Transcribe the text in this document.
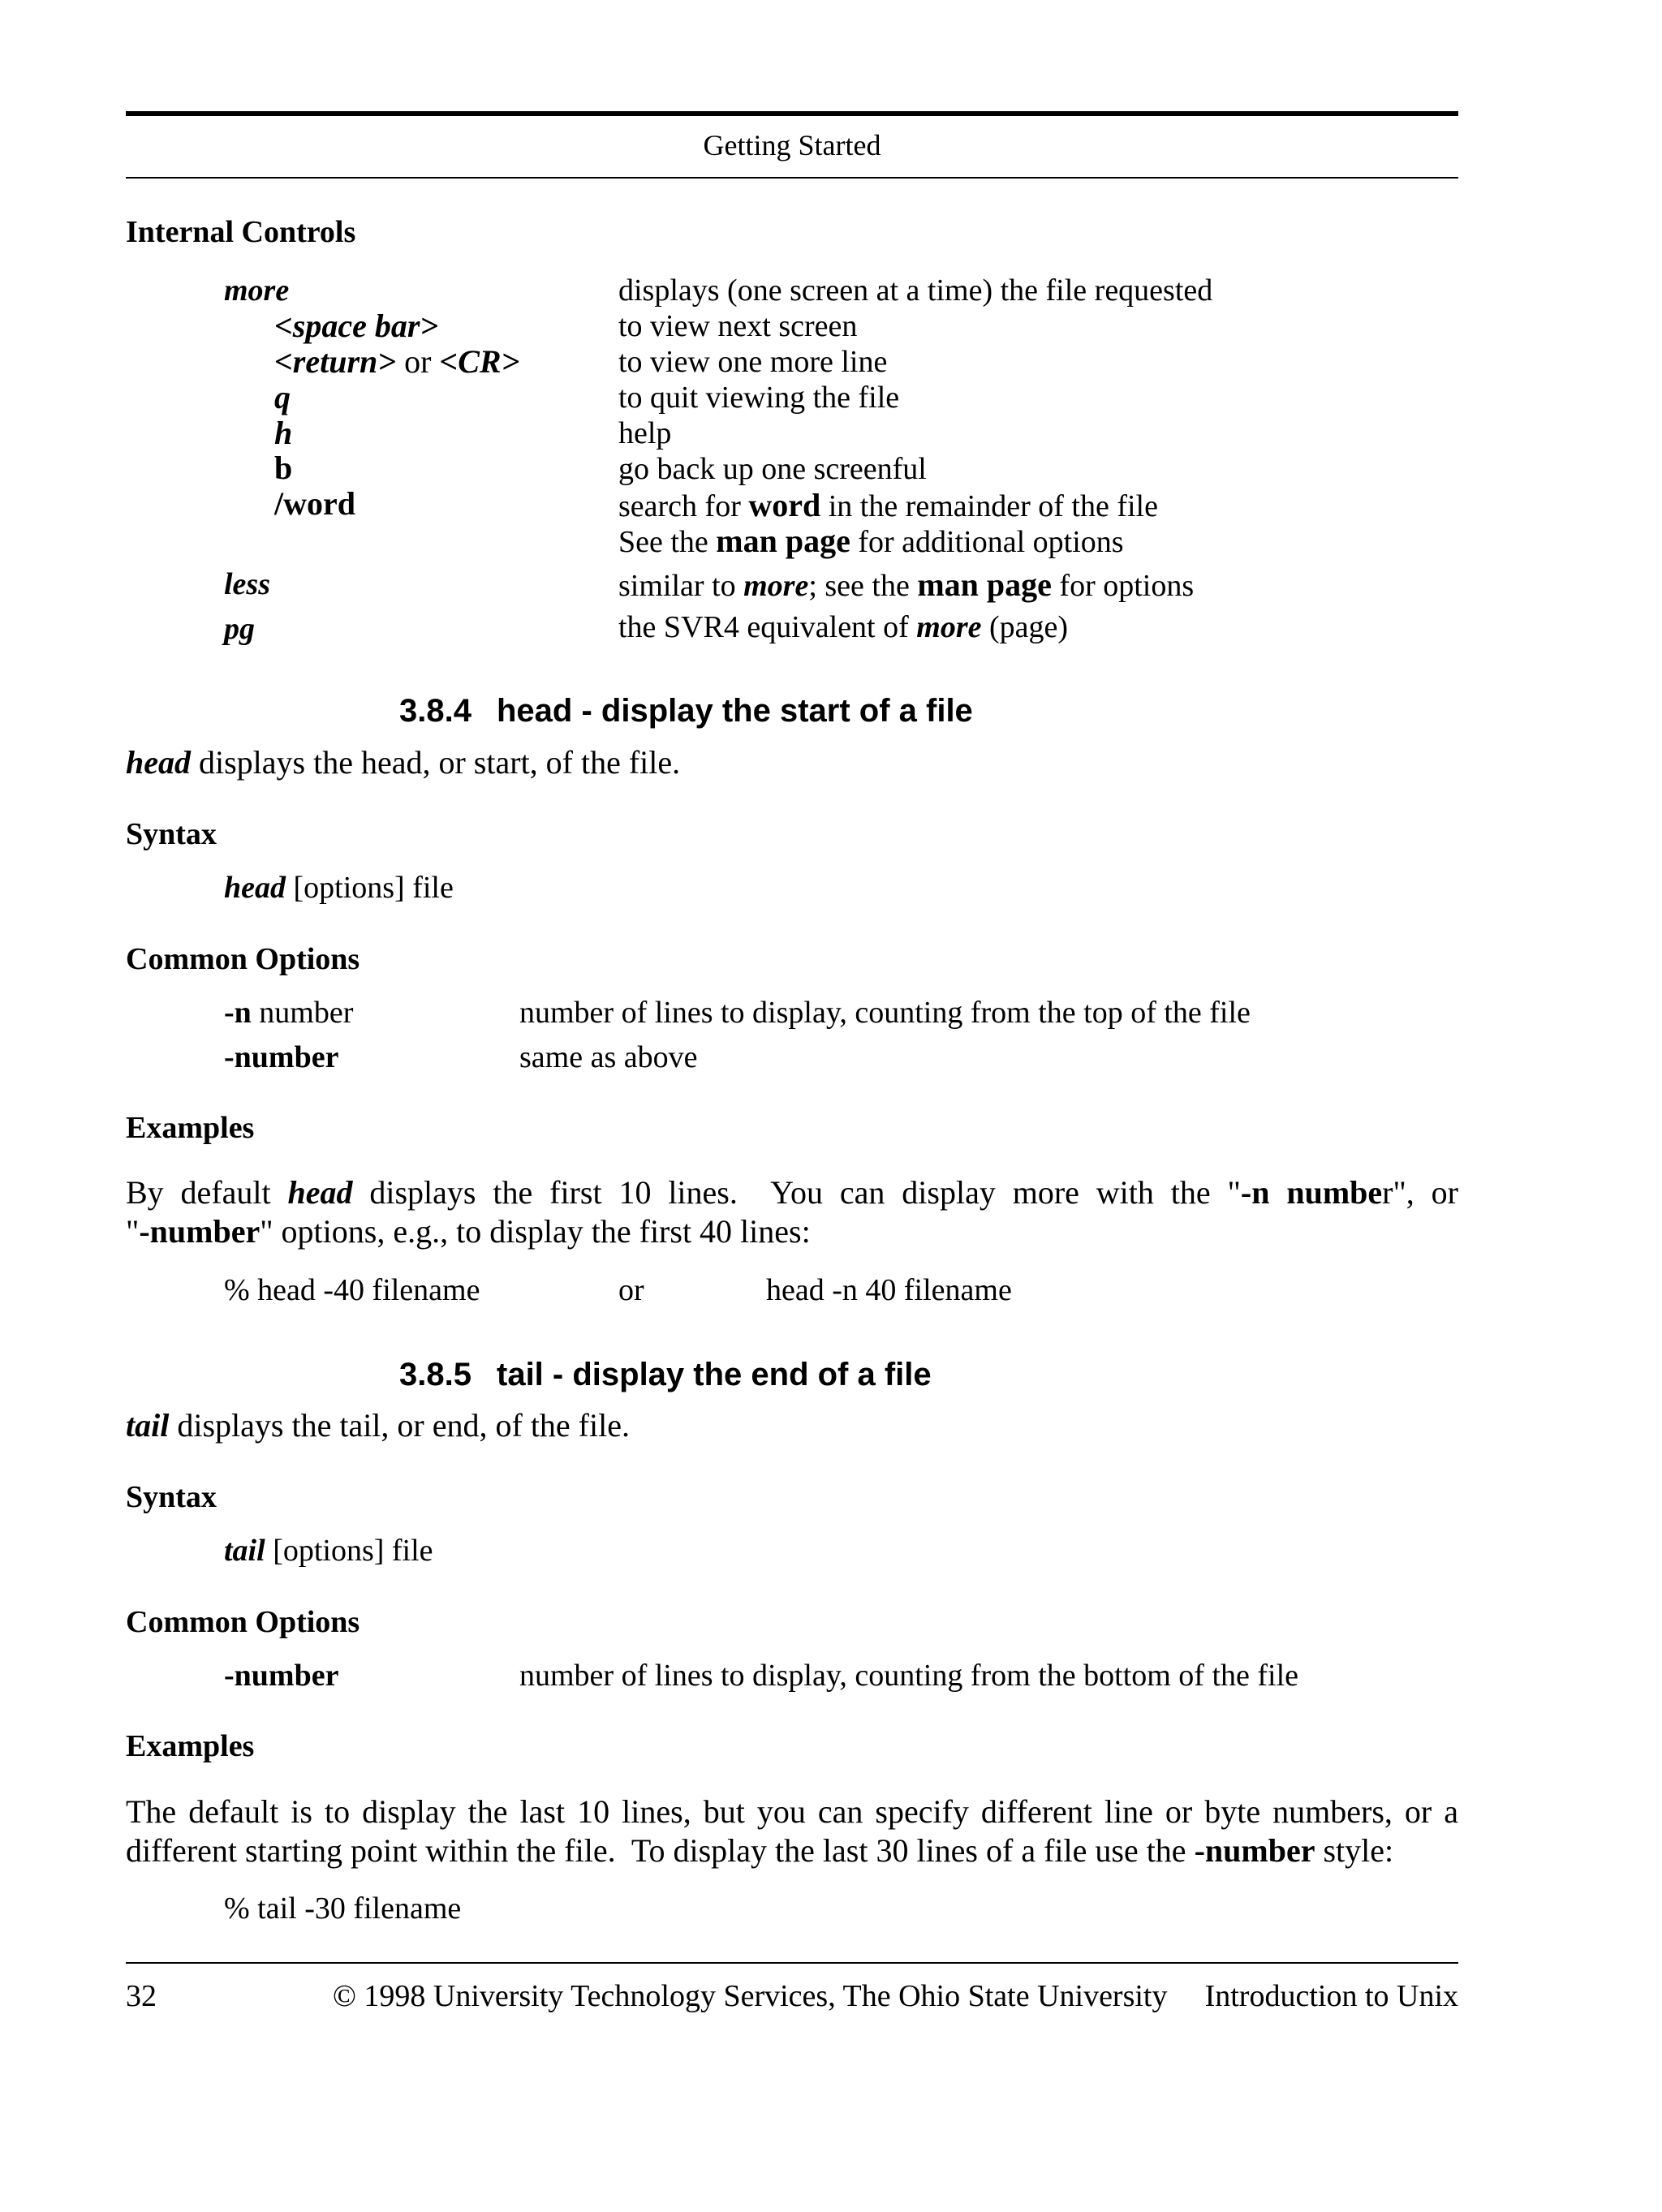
Getting Started
Internal Controls
more	displays (one screen at a time) the file requested
<space bar>	to view next screen
<return> or <CR>	to view one more line
q	to quit viewing the file
h	help
b	go back up one screenful
/word	search for word in the remainder of the file
See the man page for additional options
less	similar to more; see the man page for options
pg	the SVR4 equivalent of more (page)
3.8.4 head - display the start of a file
head displays the head, or start, of the file.
Syntax
head [options] file
Common Options
-n number	number of lines to display, counting from the top of the file
-number	same as above
Examples
By default head displays the first 10 lines.  You can display more with the "-n number", or
"-number" options, e.g., to display the first 40 lines:
% head -40 filename	or	head -n 40 filename
3.8.5 tail - display the end of a file
tail displays the tail, or end, of the file.
Syntax
tail [options] file
Common Options
-number	number of lines to display, counting from the bottom of the file
Examples
The default is to display the last 10 lines, but you can specify different line or byte numbers, or a
different starting point within the file.  To display the last 30 lines of a file use the -number style:
% tail -30 filename
32	© 1998 University Technology Services, The Ohio State University Introduction to Unix
